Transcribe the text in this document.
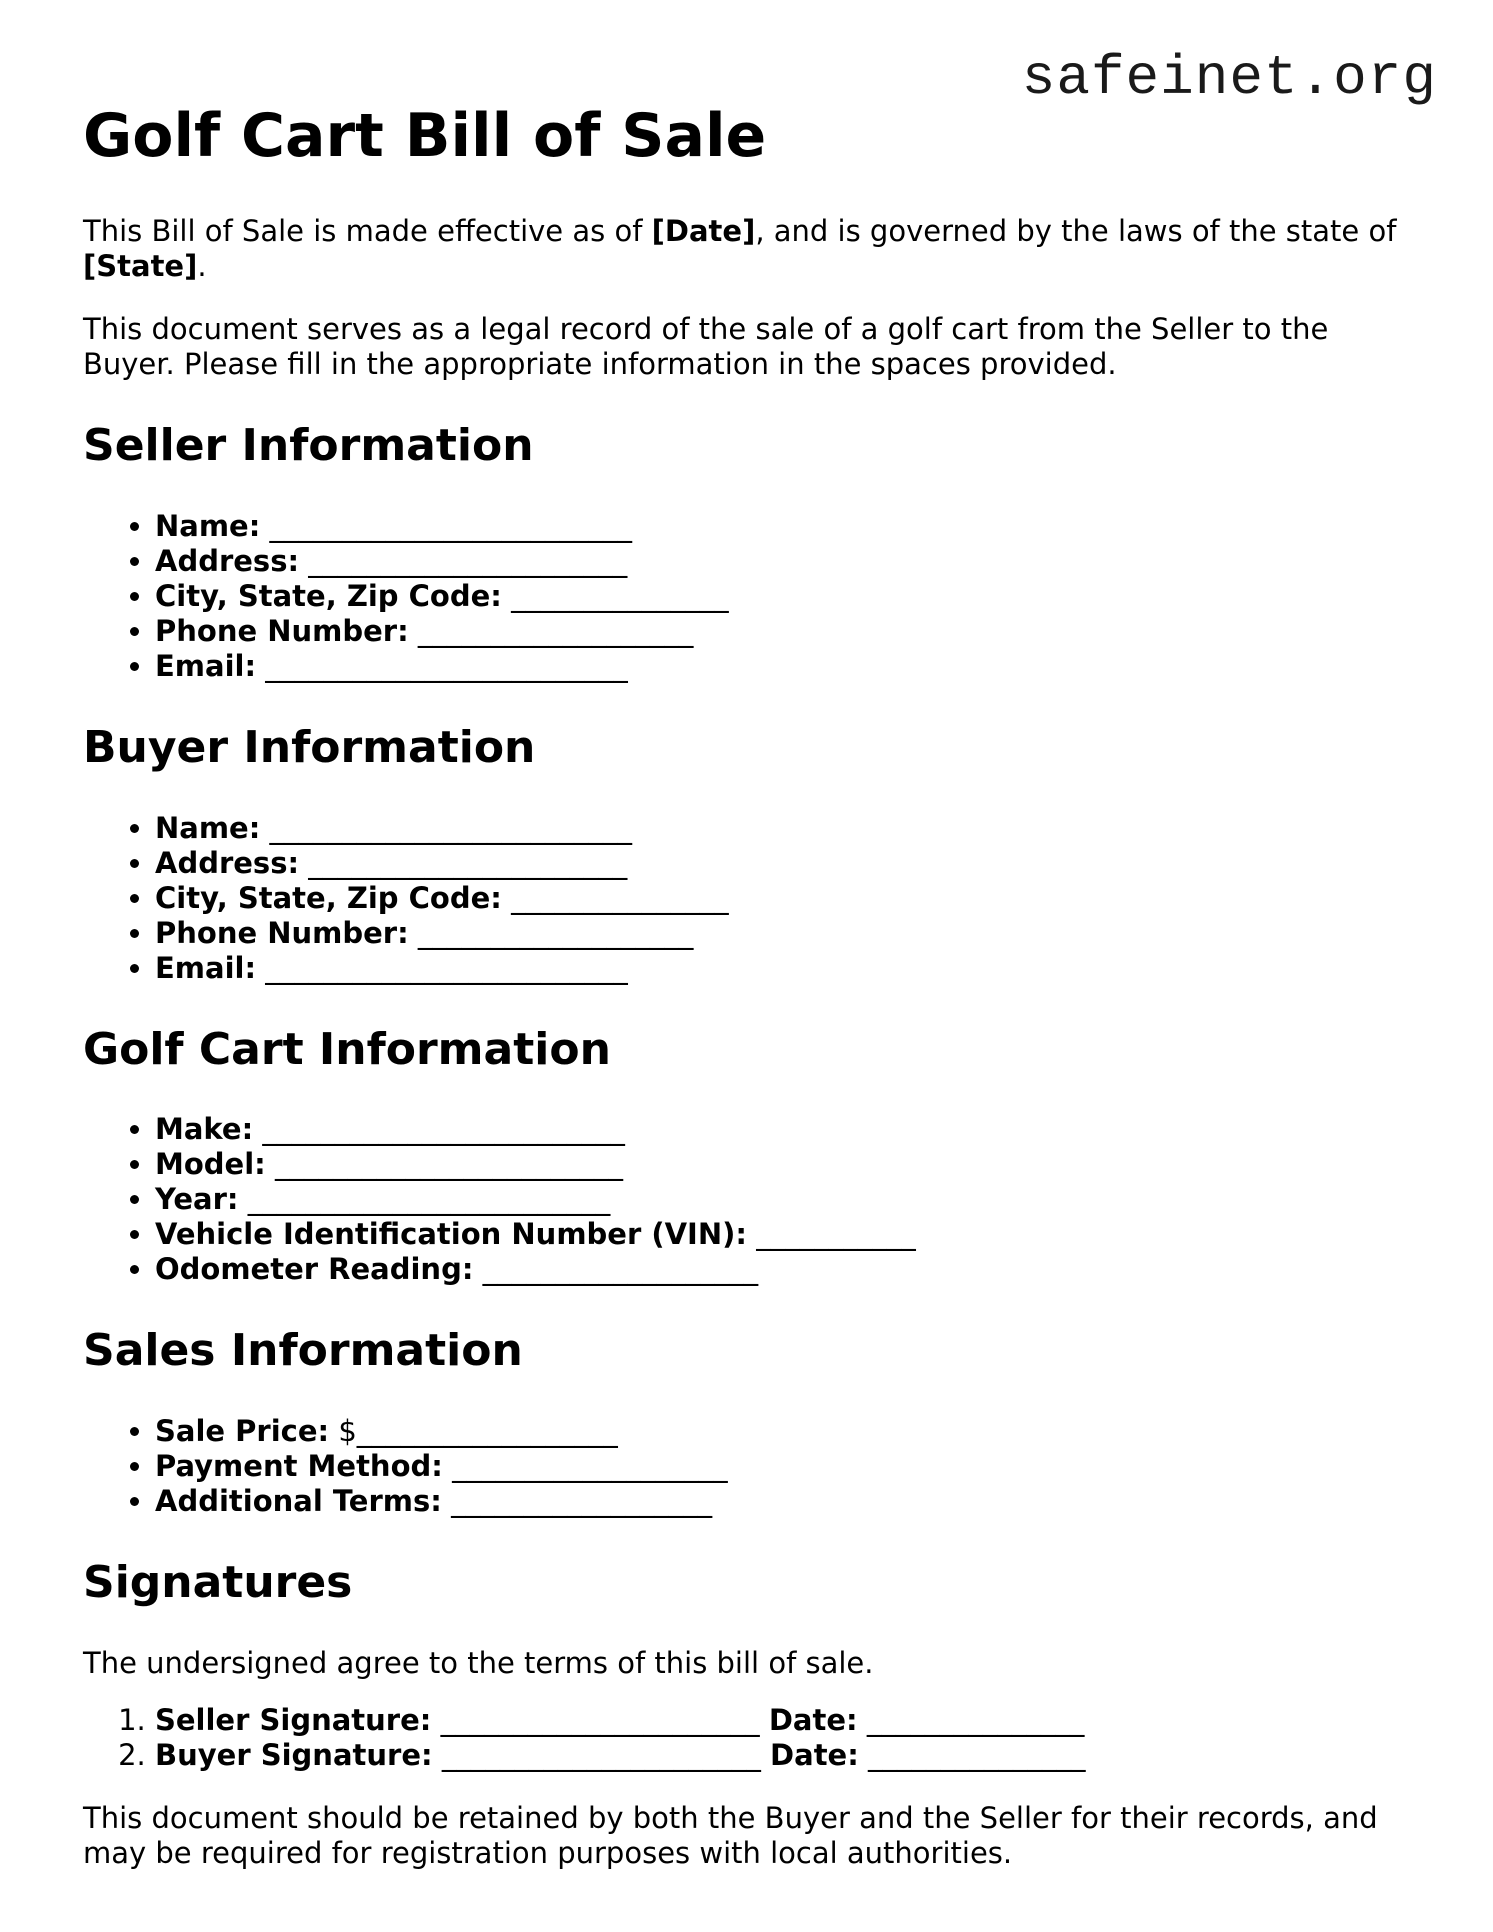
safeinet.org
Golf Cart Bill of Sale

This Bill of Sale is made effective as of [Date], and is governed by the laws of the state of [State].

This document serves as a legal record of the sale of a golf cart from the Seller to the Buyer. Please fill in the appropriate information in the spaces provided.

Seller Information
• Name: _________________________
• Address: ______________________
• City, State, Zip Code: _______________
• Phone Number: ___________________
• Email: _________________________
Buyer Information
• Name: _________________________
• Address: ______________________
• City, State, Zip Code: _______________
• Phone Number: ___________________
• Email: _________________________
Golf Cart Information
• Make: _________________________
• Model: ________________________
• Year: _________________________
• Vehicle Identification Number (VIN): ___________
• Odometer Reading: ___________________
Sales Information
• Sale Price: $__________________
• Payment Method: ___________________
• Additional Terms: __________________
Signatures

The undersigned agree to the terms of this bill of sale.

1. Seller Signature: ______________________ Date: _______________
2. Buyer Signature: ______________________ Date: _______________

This document should be retained by both the Buyer and the Seller for their records, and may be required for registration purposes with local authorities.
